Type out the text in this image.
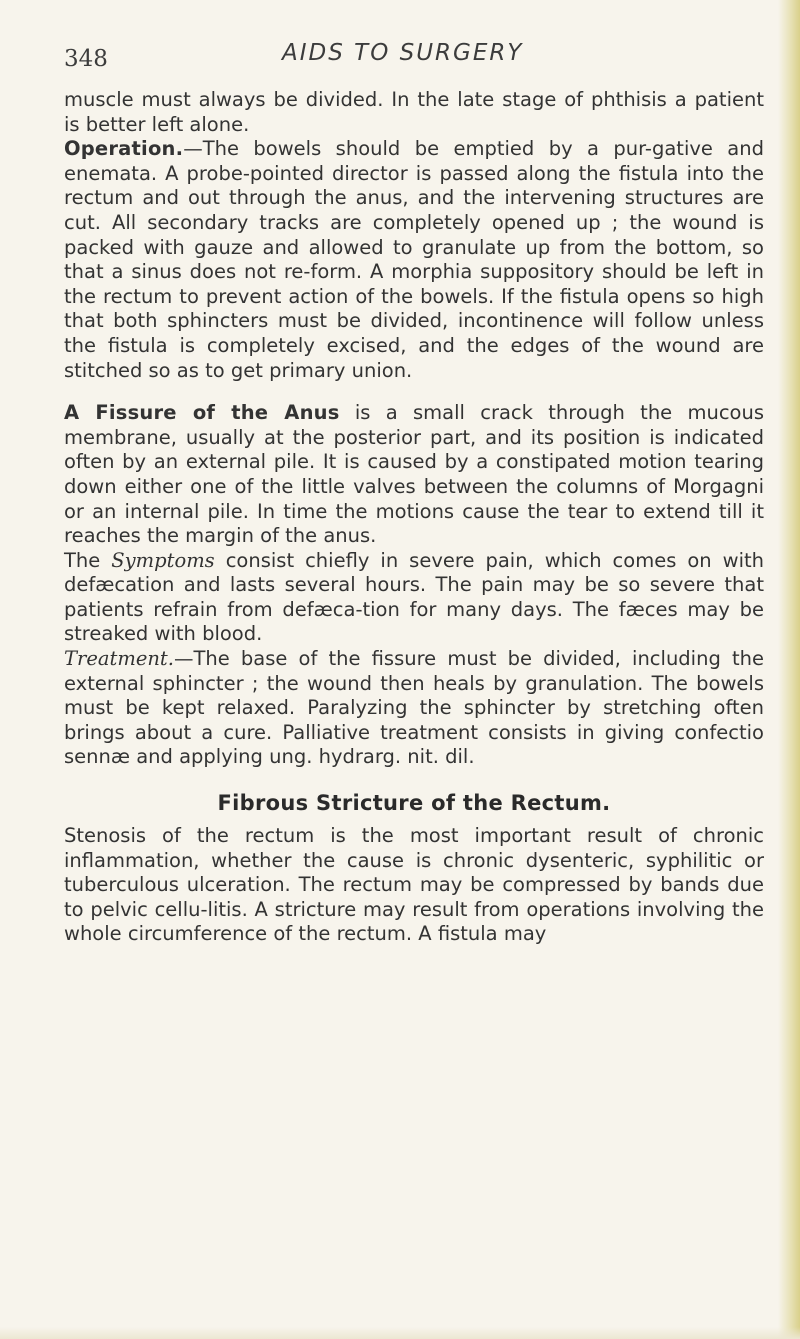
348	AIDS TO SURGERY

muscle must always be divided. In the late stage of phthisis a patient is better left alone.

Operation.—The bowels should be emptied by a pur-gative and enemata. A probe-pointed director is passed along the fistula into the rectum and out through the anus, and the intervening structures are cut. All secondary tracks are completely opened up ; the wound is packed with gauze and allowed to granulate up from the bottom, so that a sinus does not re-form. A morphia suppository should be left in the rectum to prevent action of the bowels. If the fistula opens so high that both sphincters must be divided, incontinence will follow unless the fistula is completely excised, and the edges of the wound are stitched so as to get primary union.

A Fissure of the Anus is a small crack through the mucous membrane, usually at the posterior part, and its position is indicated often by an external pile. It is caused by a constipated motion tearing down either one of the little valves between the columns of Morgagni or an internal pile. In time the motions cause the tear to extend till it reaches the margin of the anus.

The Symptoms consist chiefly in severe pain, which comes on with defæcation and lasts several hours. The pain may be so severe that patients refrain from defæca-tion for many days. The fæces may be streaked with blood.

Treatment.—The base of the fissure must be divided, including the external sphincter ; the wound then heals by granulation. The bowels must be kept relaxed. Paralyzing the sphincter by stretching often brings about a cure. Palliative treatment consists in giving confectio sennæ and applying ung. hydrarg. nit. dil.

Fibrous Stricture of the Rectum.

Stenosis of the rectum is the most important result of chronic inflammation, whether the cause is chronic dysenteric, syphilitic or tuberculous ulceration. The rectum may be compressed by bands due to pelvic cellu-litis. A stricture may result from operations involving the whole circumference of the rectum. A fistula may
